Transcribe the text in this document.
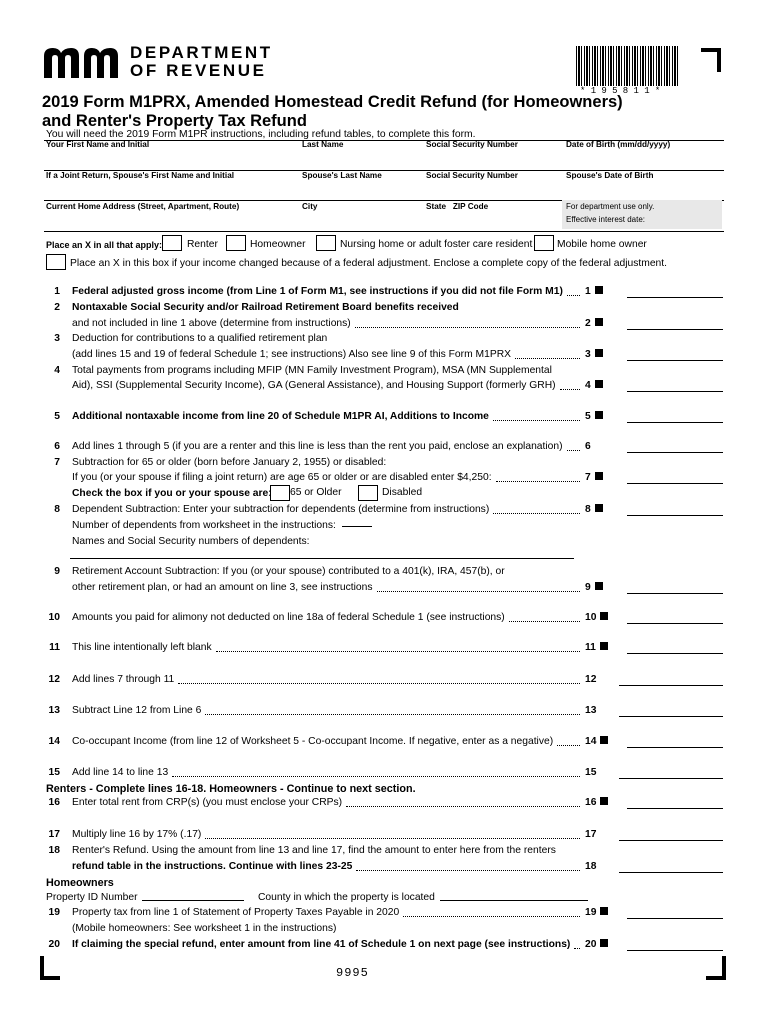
DEPARTMENT
OF REVENUE
*195811*
2019 Form M1PRX, Amended Homestead Credit Refund (for Homeowners)
and Renter's Property Tax Refund
You will need the 2019 Form M1PR instructions, including refund tables, to complete this form.
Your First Name and Initial	Last Name	Social Security Number	Date of Birth (mm/dd/yyyy)
If a Joint Return, Spouse's First Name and Initial	Spouse's Last Name	Social Security Number	Spouse's Date of Birth
Current Home Address (Street, Apartment, Route)	City	State   ZIP Code	For department use only.
Effective interest date:
Place an X in all that apply: Renter	Homeowner	Nursing home or adult foster care resident Mobile home owner
Place an X in this box if your income changed because of a federal adjustment. Enclose a complete copy of the federal adjustment.
1 Federal adjusted gross income (from Line 1 of Form M1, see instructions if you did not file Form M1) 1
2 Nontaxable Social Security and/or Railroad Retirement Board benefits received
and not included in line 1 above (determine from instructions)	2
3 Deduction for contributions to a qualified retirement plan
(add lines 15 and 19 of federal Schedule 1; see instructions) Also see line 9 of this Form M1PRX	3
4 Total payments from programs including MFIP (MN Family Investment Program), MSA (MN Supplemental
Aid), SSI (Supplemental Security Income), GA (General Assistance), and Housing Support (formerly GRH)	4
5 Additional nontaxable income from line 20 of Schedule M1PR AI, Additions to Income	5
6 Add lines 1 through 5 (if you are a renter and this line is less than the rent you paid, enclose an explanation) 6
7 Subtraction for 65 or older (born before January 2, 1955) or disabled:
If you (or your spouse if filing a joint return) are age 65 or older or are disabled enter $4,250:	7
Check the box if you or your spouse are:
8 Dependent Subtraction: Enter your subtraction for dependents (determine from instructions)	8
Number of dependents from worksheet in the instructions:
Names and Social Security numbers of dependents:
9 Retirement Account Subtraction: If you (or your spouse) contributed to a 401(k), IRA, 457(b), or
other retirement plan, or had an amount on line 3, see instructions	9
10 Amounts you paid for alimony not deducted on line 18a of federal Schedule 1 (see instructions)	10
11 This line intentionally left blank	11
12 Add lines 7 through 11	12
13 Subtract Line 12 from Line 6	13
14 Co-occupant Income (from line 12 of Worksheet 5 - Co-occupant Income. If negative, enter as a negative)	14
15 Add line 14 to line 13	15
16 Enter total rent from CRP(s) (you must enclose your CRPs)	16
17 Multiply line 16 by 17% (.17)	17
18 Renter's Refund. Using the amount from line 13 and line 17, find the amount to enter here from the renters
refund table in the instructions. Continue with lines 23-25	18
19 Property tax from line 1 of Statement of Property Taxes Payable in 2020	19
(Mobile homeowners: See worksheet 1 in the instructions)
20 If claiming the special refund, enter amount from line 41 of Schedule 1 on next page (see instructions) 20
65 or Older	Disabled
Renters - Complete lines 16-18. Homeowners - Continue to next section.
Homeowners
Property ID Number	County in which the property is located
9995
